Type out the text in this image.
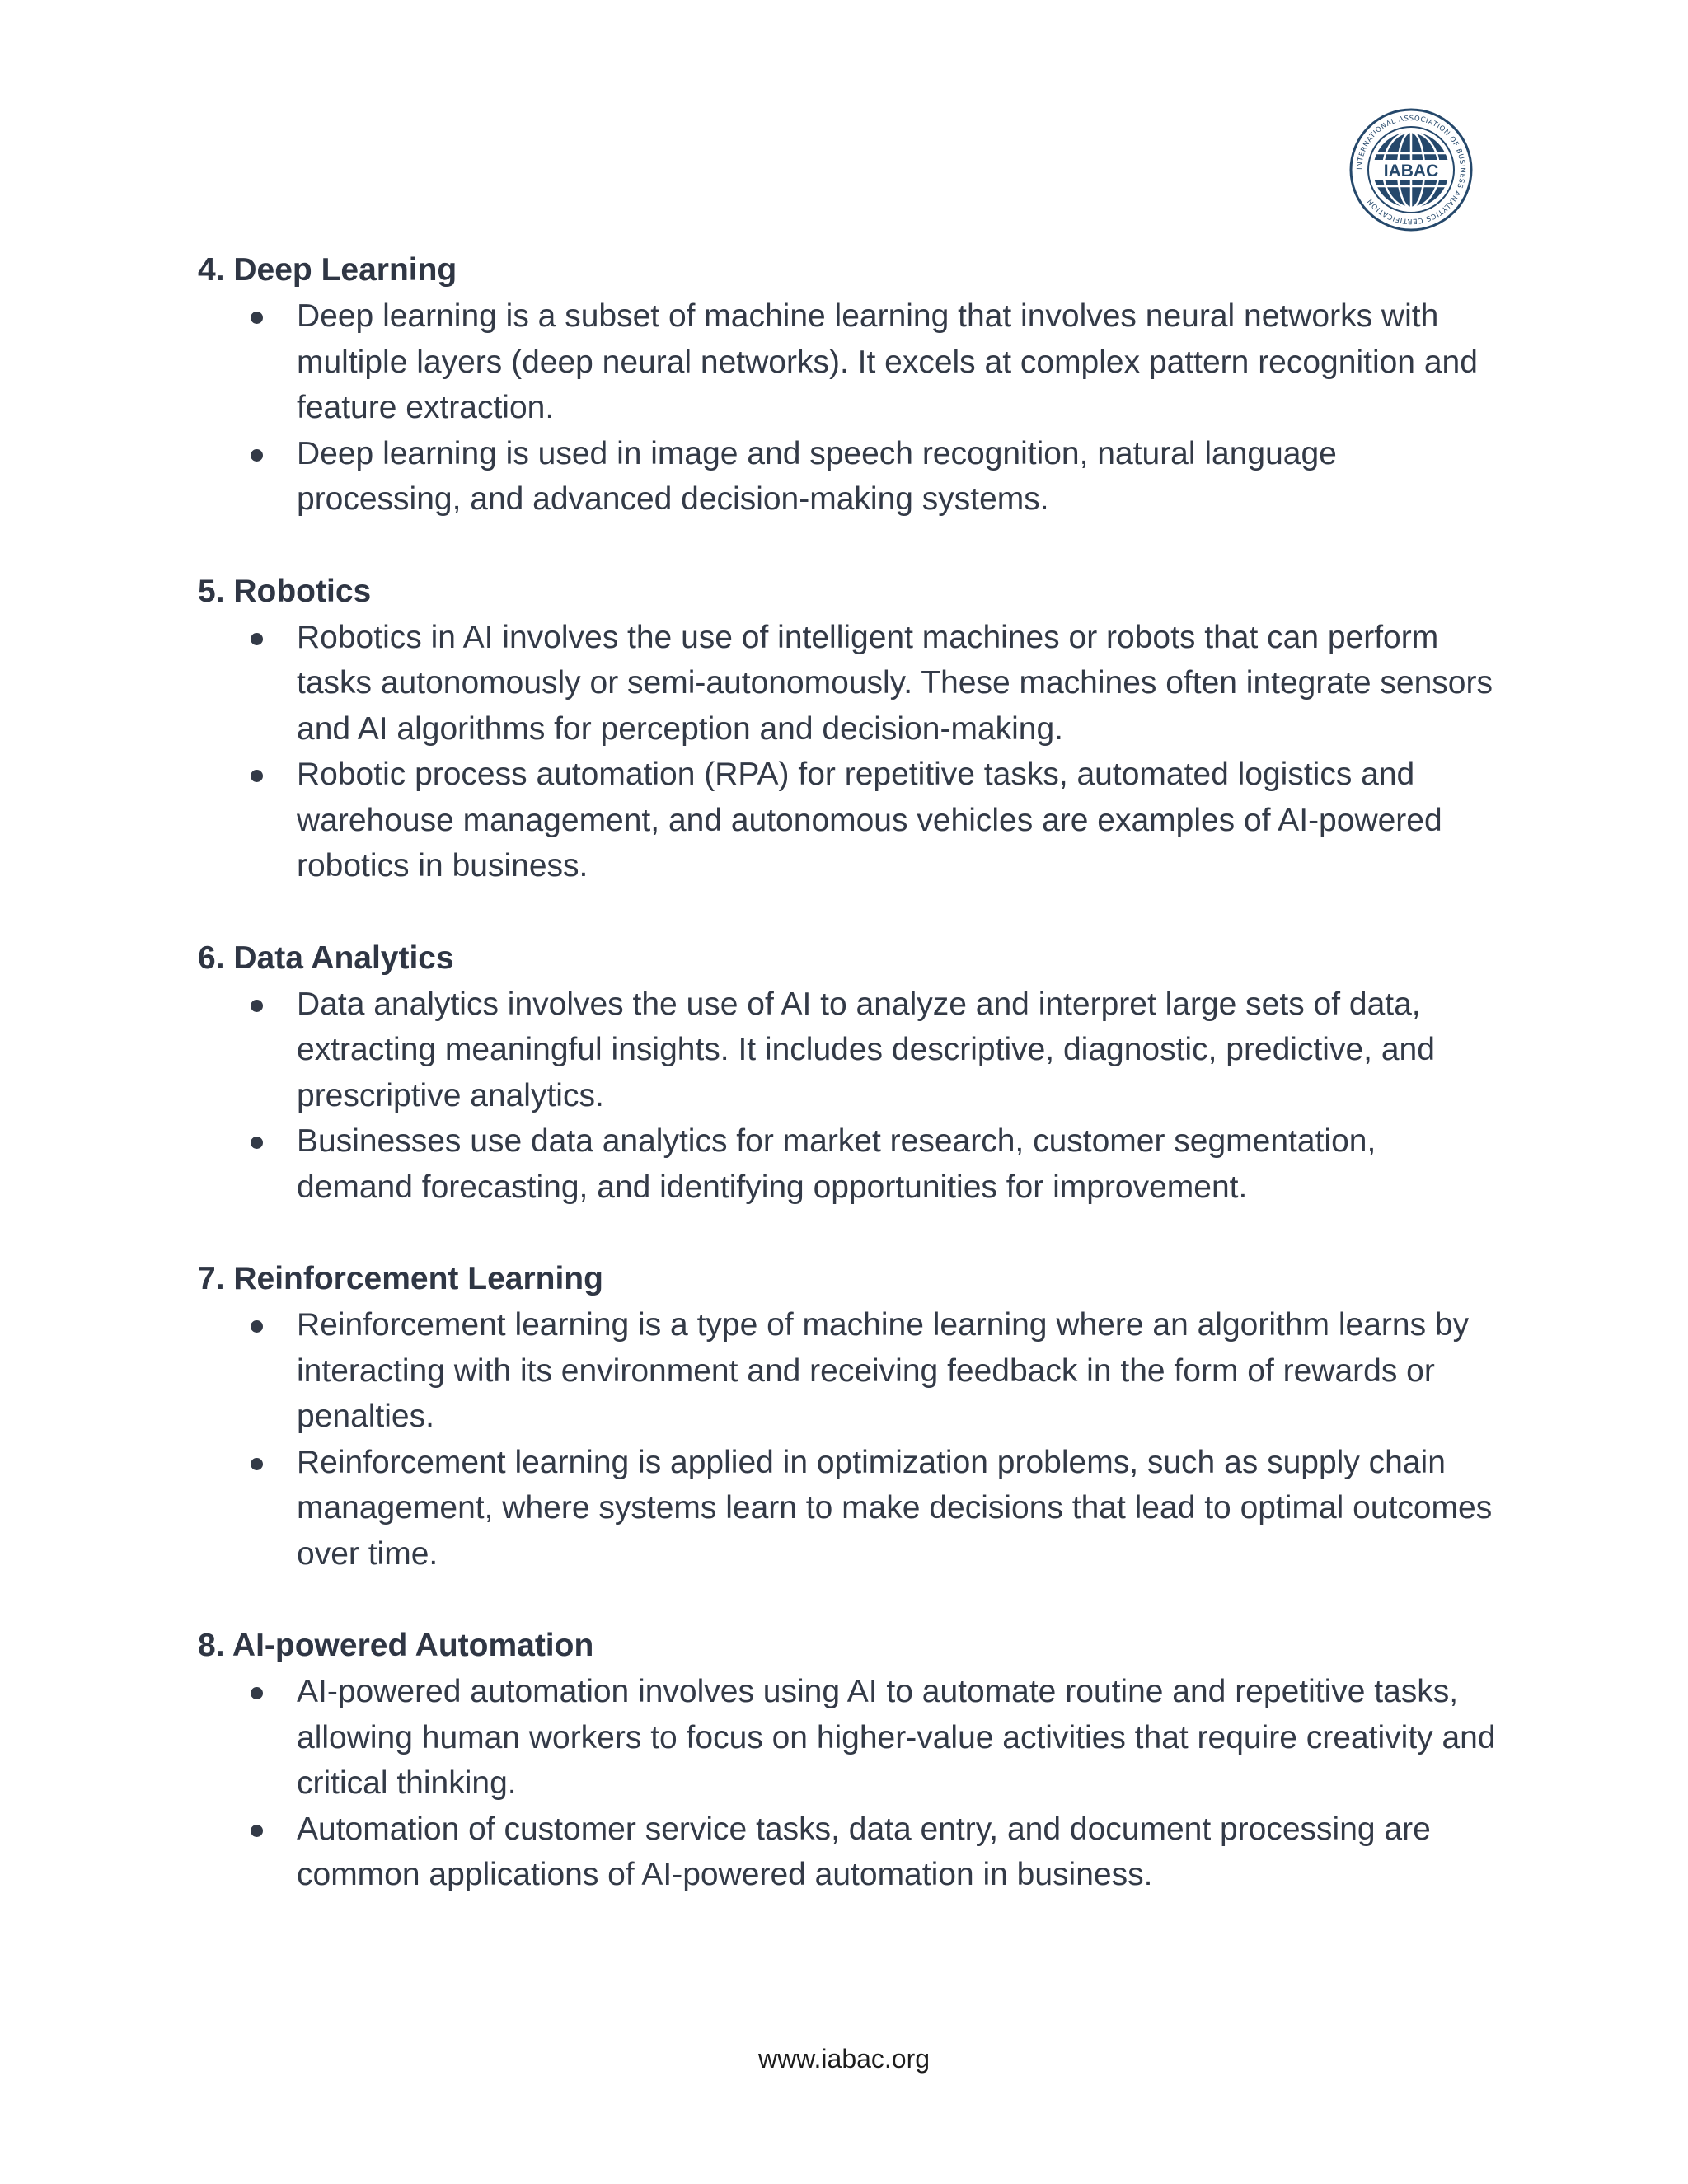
INTERNATIONAL ASSOCIATION OF BUSINESS ANALYTICS CERTIFICATION
IABAC
4. Deep Learning
Deep learning is a subset of machine learning that involves neural networks with multiple layers (deep neural networks). It excels at complex pattern recognition and feature extraction.
Deep learning is used in image and speech recognition, natural language processing, and advanced decision-making systems.
5. Robotics
Robotics in AI involves the use of intelligent machines or robots that can perform tasks autonomously or semi-autonomously. These machines often integrate sensors and AI algorithms for perception and decision-making.
Robotic process automation (RPA) for repetitive tasks, automated logistics and warehouse management, and autonomous vehicles are examples of AI-powered robotics in business.
6. Data Analytics
Data analytics involves the use of AI to analyze and interpret large sets of data, extracting meaningful insights. It includes descriptive, diagnostic, predictive, and prescriptive analytics.
Businesses use data analytics for market research, customer segmentation, demand forecasting, and identifying opportunities for improvement.
7. Reinforcement Learning
Reinforcement learning is a type of machine learning where an algorithm learns by interacting with its environment and receiving feedback in the form of rewards or penalties.
Reinforcement learning is applied in optimization problems, such as supply chain management, where systems learn to make decisions that lead to optimal outcomes over time.
8. AI-powered Automation
AI-powered automation involves using AI to automate routine and repetitive tasks, allowing human workers to focus on higher-value activities that require creativity and critical thinking.
Automation of customer service tasks, data entry, and document processing are common applications of AI-powered automation in business.
www.iabac.org
